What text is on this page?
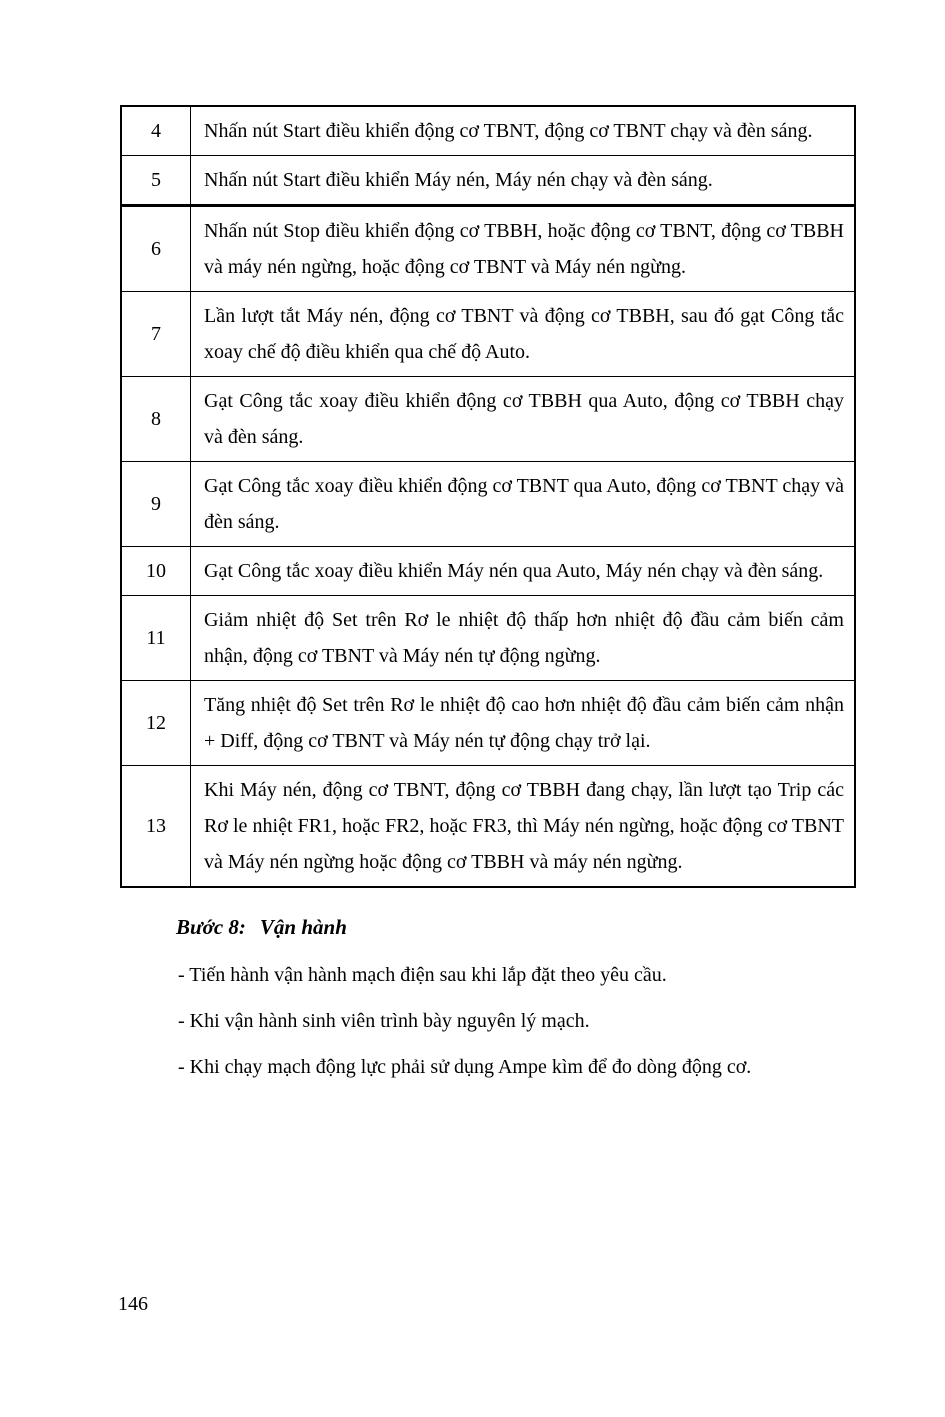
4	Nhấn nút Start điều khiển động cơ TBNT, động cơ TBNT chạy và đèn sáng.
5	Nhấn nút Start điều khiển Máy nén, Máy nén chạy và đèn sáng.
6	Nhấn nút Stop điều khiển động cơ TBBH, hoặc động cơ TBNT, động cơ TBBH và máy nén ngừng, hoặc động cơ TBNT và Máy nén ngừng.
7	Lần lượt tắt Máy nén, động cơ TBNT và động cơ TBBH, sau đó gạt Công tắc xoay chế độ điều khiển qua chế độ Auto.
8	Gạt Công tắc xoay điều khiển động cơ TBBH qua Auto, động cơ TBBH chạy và đèn sáng.
9	Gạt Công tắc xoay điều khiển động cơ TBNT qua Auto, động cơ TBNT chạy và đèn sáng.
10	Gạt Công tắc xoay điều khiển Máy nén qua Auto, Máy nén chạy và đèn sáng.
11	Giảm nhiệt độ Set trên Rơ le nhiệt độ thấp hơn nhiệt độ đầu cảm biến cảm nhận, động cơ TBNT và Máy nén tự động ngừng.
12	Tăng nhiệt độ Set trên Rơ le nhiệt độ cao hơn nhiệt độ đầu cảm biến cảm nhận + Diff, động cơ TBNT và Máy nén tự động chạy trở lại.
13	Khi Máy nén, động cơ TBNT, động cơ TBBH đang chạy, lần lượt tạo Trip các Rơ le nhiệt FR1, hoặc FR2, hoặc FR3, thì Máy nén ngừng, hoặc động cơ TBNT và Máy nén ngừng hoặc động cơ TBBH và máy nén ngừng.
Bước 8: Vận hành

- Tiến hành vận hành mạch điện sau khi lắp đặt theo yêu cầu.

- Khi vận hành sinh viên trình bày nguyên lý mạch.

- Khi chạy mạch động lực phải sử dụng Ampe kìm để đo dòng động cơ.

146
